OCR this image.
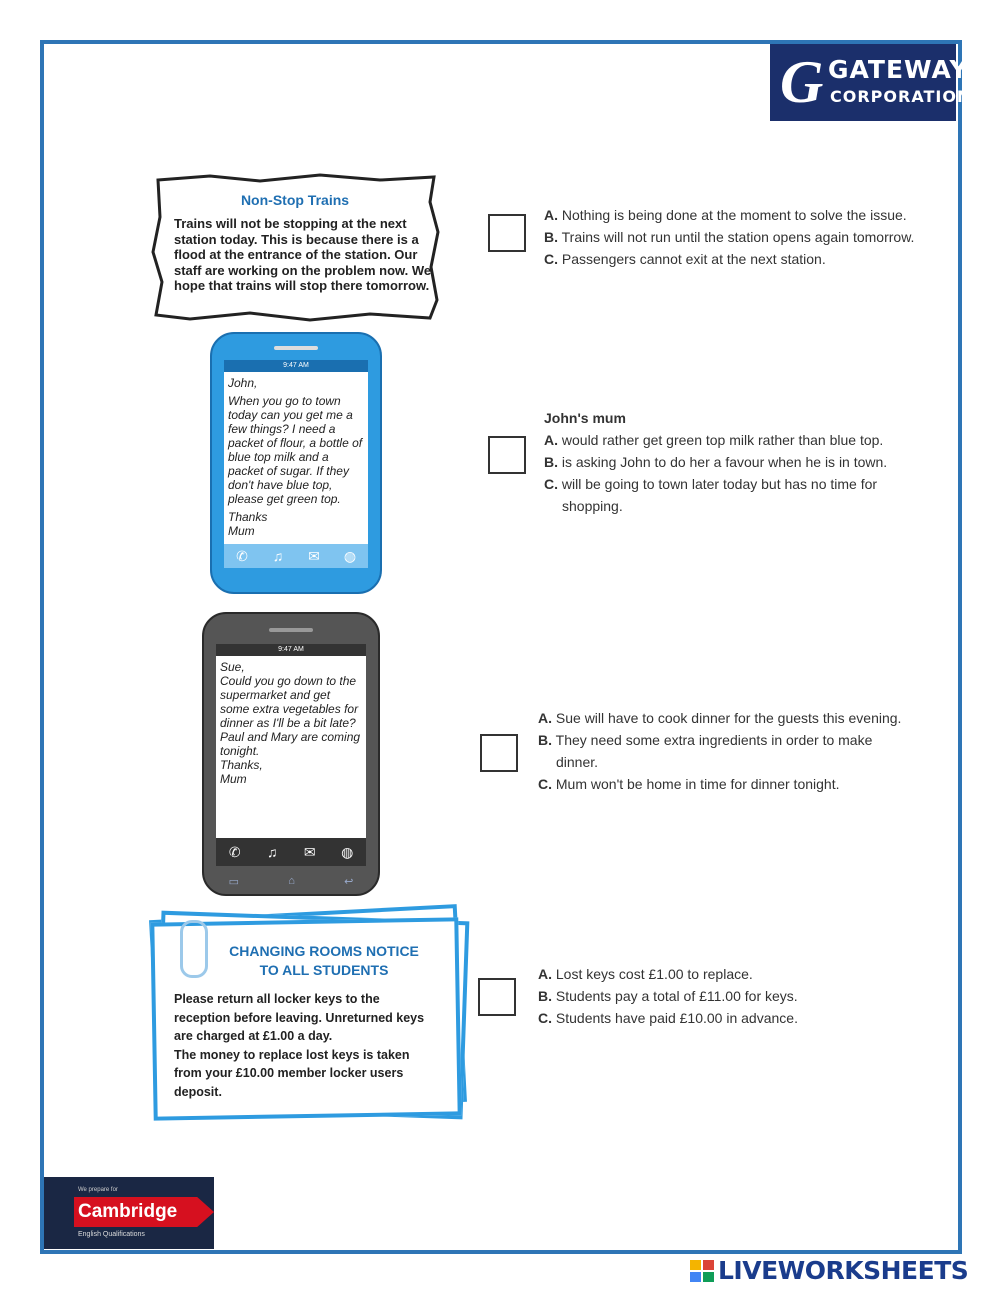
G GATEWAY
CORPORATION
Non-Stop Trains
Trains will not be stopping at the next station today. This is because there is a flood at the entrance of the station. Our staff are working on the problem now. We hope that trains will stop there tomorrow.
A. Nothing is being done at the moment to solve the issue.
B. Trains will not run until the station opens again tomorrow.
C. Passengers cannot exit at the next station.
9:47 AM
John,
When you go to town today can you get me a few things? I need a packet of flour, a bottle of blue top milk and a packet of sugar. If they don't have blue top, please get green top.
Thanks
Mum
✆ ♫ ✉ ◍
John's mum
A. would rather get green top milk rather than blue top.
B. is asking John to do her a favour when he is in town.
C. will be going to town later today but has no time for
shopping.
9:47 AM
Sue,
Could you go down to the supermarket and get some extra vegetables for dinner as I'll be a bit late? Paul and Mary are coming tonight.
Thanks,
Mum
✆ ♫ ✉ ◍
▭	⌂	↩
A. Sue will have to cook dinner for the guests this evening.
B. They need some extra ingredients in order to make
dinner.
C. Mum won't be home in time for dinner tonight.
CHANGING ROOMS NOTICE
TO ALL STUDENTS
Please return all locker keys to the reception before leaving. Unreturned keys are charged at £1.00 a day.
The money to replace lost keys is taken from your £10.00 member locker users deposit.
A. Lost keys cost £1.00 to replace.
B. Students pay a total of £11.00 for keys.
C. Students have paid £10.00 in advance.
We prepare for
Cambridge
English Qualifications
LIVEWORKSHEETS
